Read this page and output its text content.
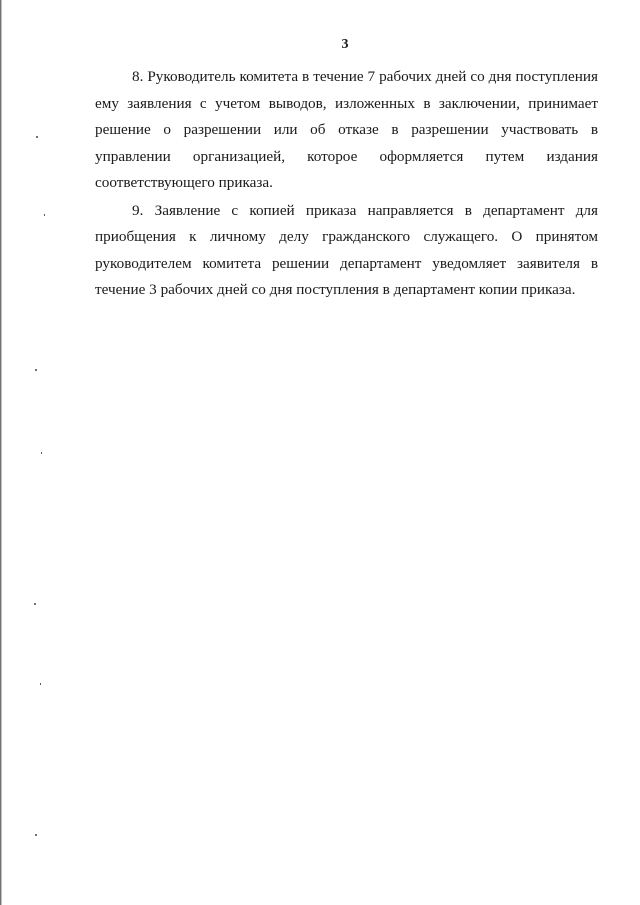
3

8. Руководитель комитета в течение 7 рабочих дней со дня поступления ему заявления с учетом выводов, изложенных в заключении, принимает решение о разрешении или об отказе в разрешении участвовать в управлении организацией, которое оформляется путем издания соответствующего приказа.

9. Заявление с копией приказа направляется в департамент для приобщения к личному делу гражданского служащего. О принятом руководителем комитета решении департамент уведомляет заявителя в течение 3 рабочих дней со дня поступления в департамент копии приказа.
